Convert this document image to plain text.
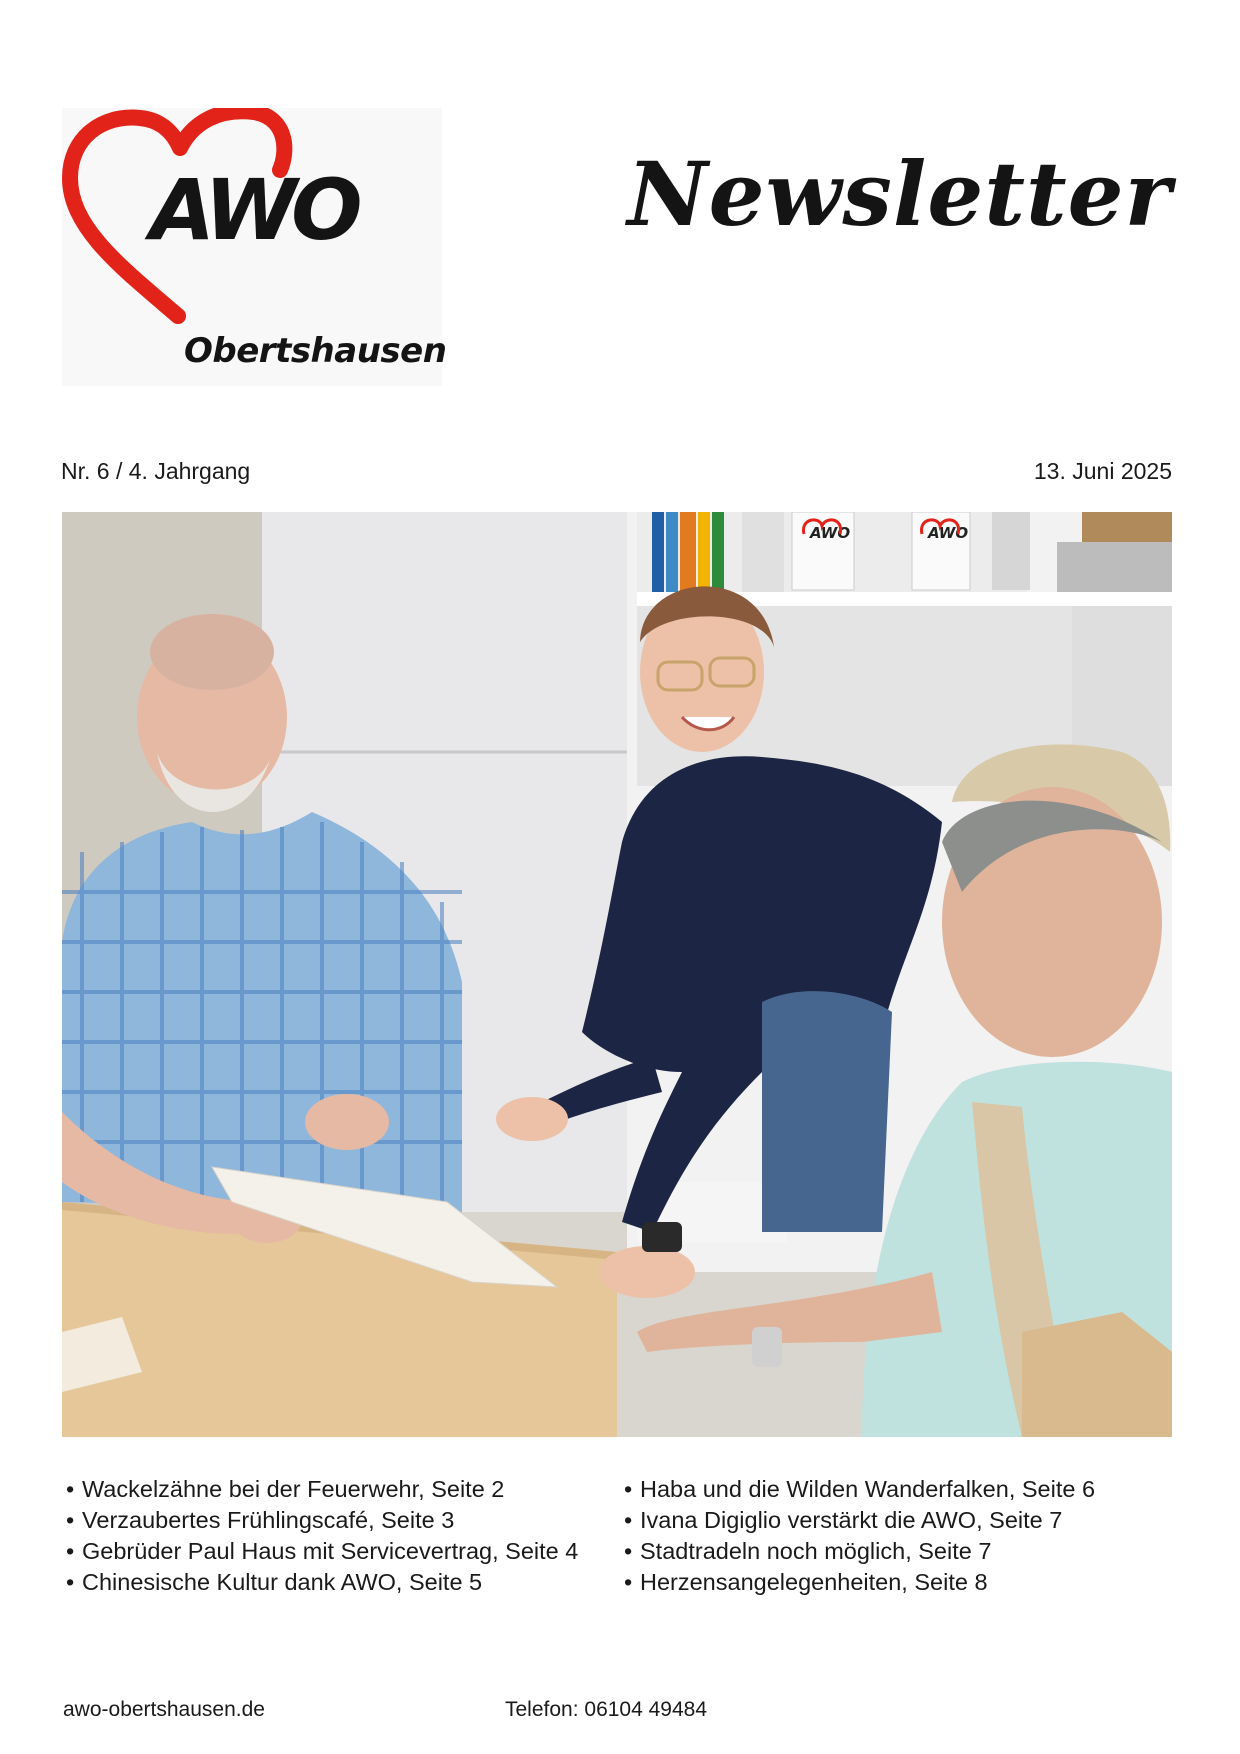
AWO
Obertshausen
Newsletter
Nr. 6 / 4. Jahrgang	13. Juni 2025
AWO	AWO
• Wackelzähne bei der Feuerwehr, Seite 2
• Verzaubertes Frühlingscafé, Seite 3
• Gebrüder Paul Haus mit Servicevertrag, Seite 4
• Chinesische Kultur dank AWO, Seite 5
• Haba und die Wilden Wanderfalken, Seite 6
• Ivana Digiglio verstärkt die AWO, Seite 7
• Stadtradeln noch möglich, Seite 7
• Herzensangelegenheiten, Seite 8
awo-obertshausen.de	Telefon: 06104 49484
